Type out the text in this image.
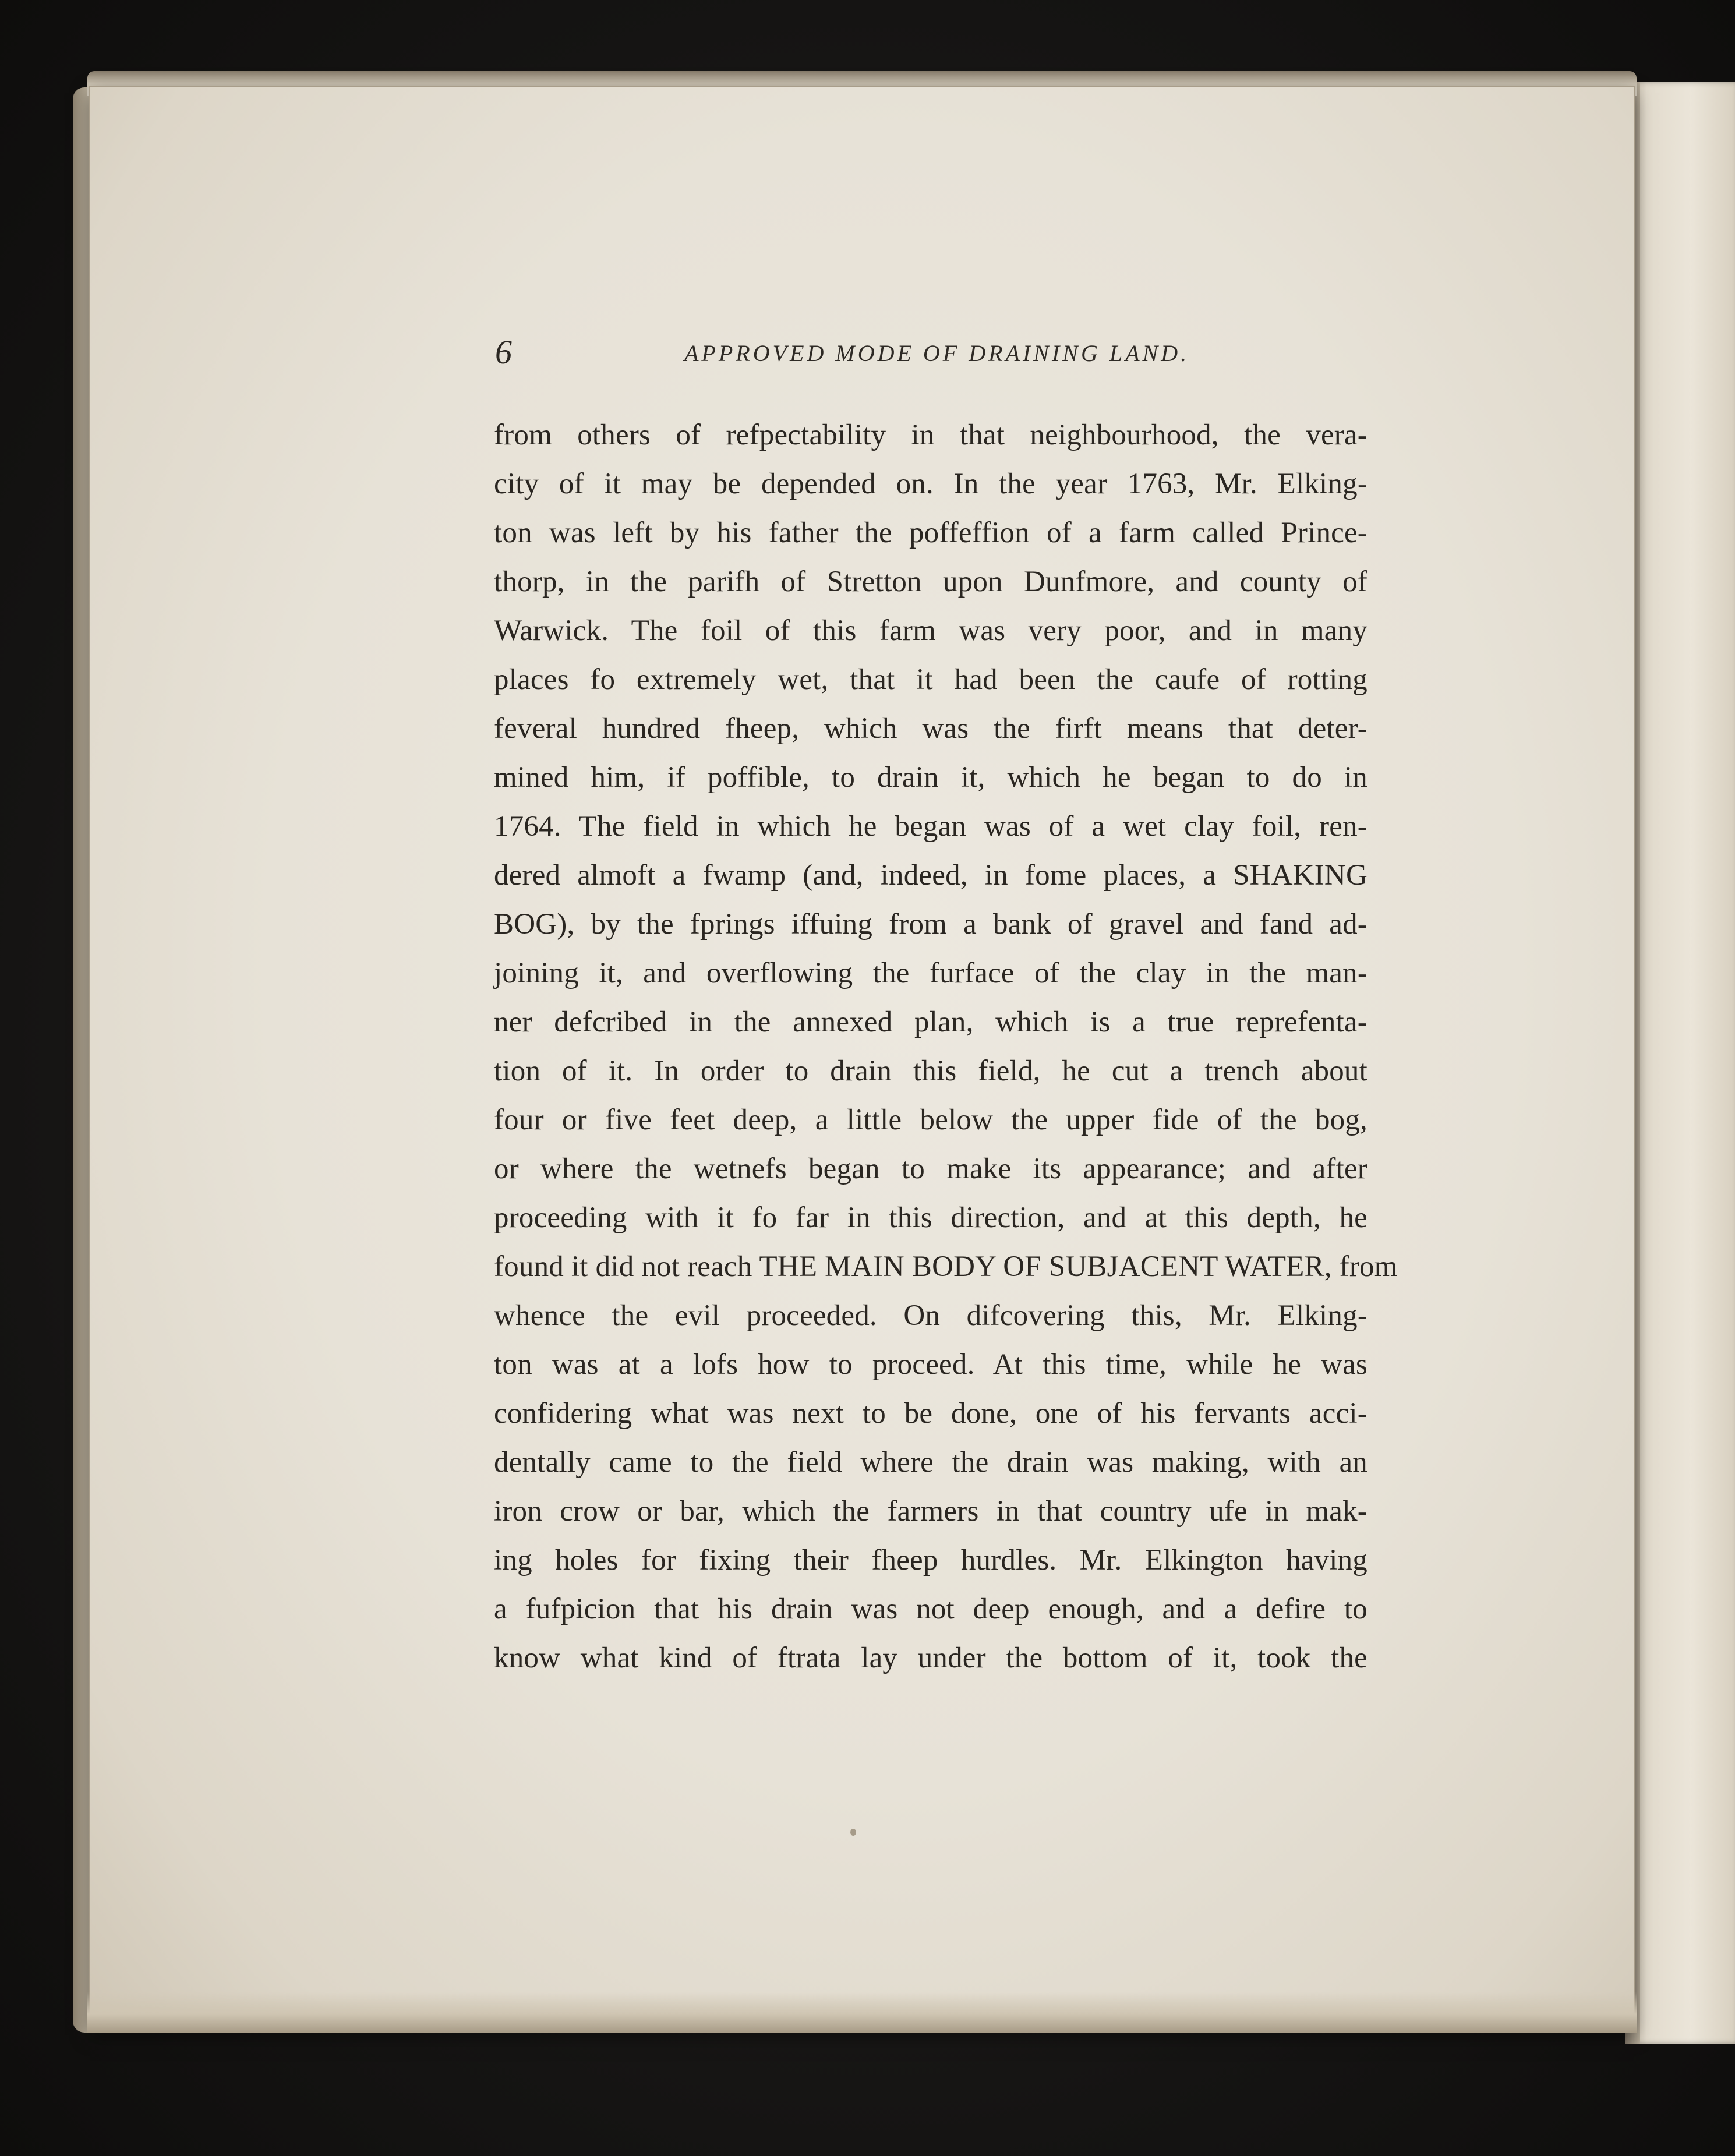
6	APPROVED MODE OF DRAINING LAND.
from others of refpectability in that neighbourhood, the vera-
city of it may be depended on. In the year 1763, Mr. Elking-
ton was left by his father the poffeffion of a farm called Prince-
thorp, in the parifh of Stretton upon Dunfmore, and county of
Warwick. The foil of this farm was very poor, and in many
places fo extremely wet, that it had been the caufe of rotting
feveral hundred fheep, which was the firft means that deter-
mined him, if poffible, to drain it, which he began to do in
1764. The field in which he began was of a wet clay foil, ren-
dered almoft a fwamp (and, indeed, in fome places, a SHAKING
BOG), by the fprings iffuing from a bank of gravel and fand ad-
joining it, and overflowing the furface of the clay in the man-
ner defcribed in the annexed plan, which is a true reprefenta-
tion of it. In order to drain this field, he cut a trench about
four or five feet deep, a little below the upper fide of the bog,
or where the wetnefs began to make its appearance; and after
proceeding with it fo far in this direction, and at this depth, he
found it did not reach THE MAIN BODY OF SUBJACENT WATER, from
whence the evil proceeded. On difcovering this, Mr. Elking-
ton was at a lofs how to proceed. At this time, while he was
confidering what was next to be done, one of his fervants acci-
dentally came to the field where the drain was making, with an
iron crow or bar, which the farmers in that country ufe in mak-
ing holes for fixing their fheep hurdles. Mr. Elkington having
a fufpicion that his drain was not deep enough, and a defire to
know what kind of ftrata lay under the bottom of it, took the
